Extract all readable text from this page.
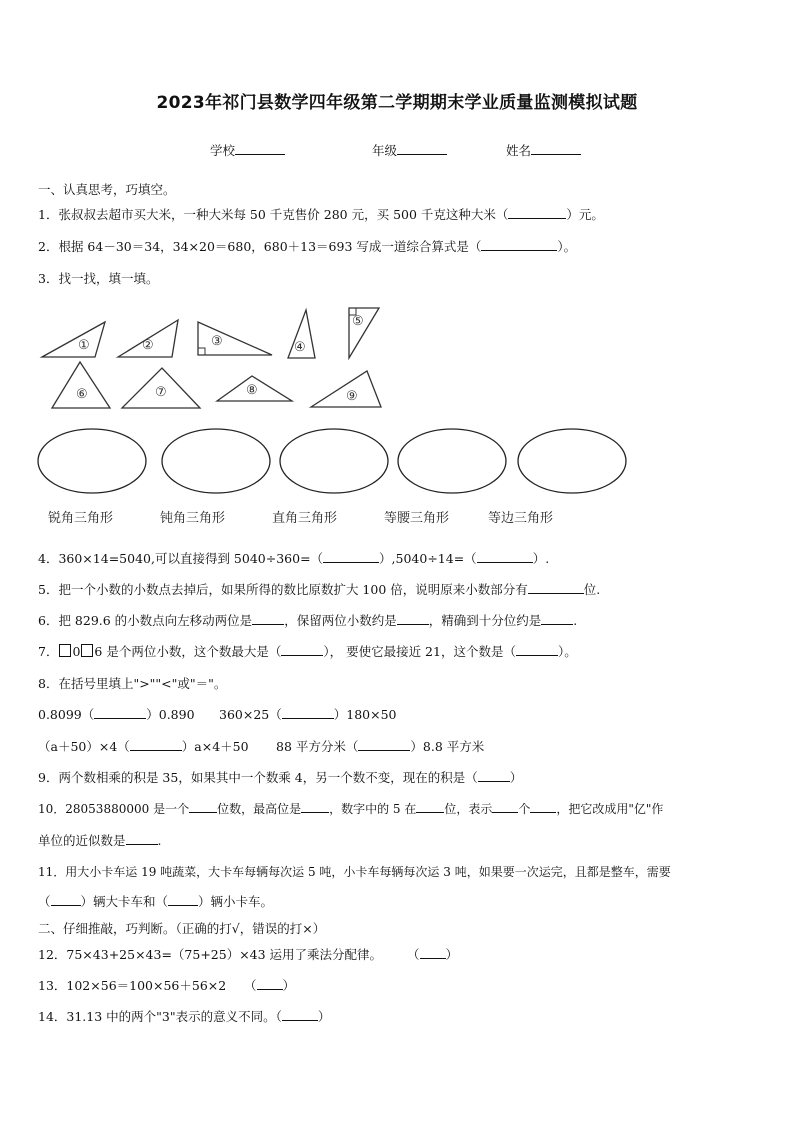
2023年祁门县数学四年级第二学期期末学业质量监测模拟试题
学校	年级	姓名
一、认真思考，巧填空。
1．张叔叔去超市买大米，一种大米每 50 千克售价 280 元，买 500 千克这种大米（	）元。
2．根据 64－30＝34，34×20＝680，680＋13＝693 写成一道综合算式是（	）。
3．找一找，填一填。
①	②	③	④
⑤
⑥	⑦	⑧	⑨
锐角三角形	钝角三角形	直角三角形	等腰三角形	等边三角形
4．360×14=5040,可以直接得到 5040÷360=（	）,5040÷14=（	）.
5．把一个小数的小数点去掉后，如果所得的数比原数扩大 100 倍，说明原来小数部分有	位.
6．把 829.6 的小数点向左移动两位是	，保留两位小数约是	，精确到十分位约是	.
7． 0 6 是个两位小数，这个数最大是（	）， 要使它最接近 21，这个数是（	）。
8．在括号里填上">""<"或"＝"。
0.8099（	）0.890 360×25（	）180×50
（a＋50）×4（	）a×4＋50 88 平方分米（	）8.8 平方米
9．两个数相乘的积是 35，如果其中一个数乘 4，另一个数不变，现在的积是（	）
10．28053880000 是一个 位数，最高位是 ，数字中的 5 在 位，表示 个 ，把它改成用"亿"作
单位的近似数是	.
11．用大小卡车运 19 吨蔬菜，大卡车每辆每次运 5 吨，小卡车每辆每次运 3 吨，如果要一次运完，且都是整车，需要
（ ）辆大卡车和（ ）辆小卡车。
二、仔细推敲，巧判断。（正确的打√，错误的打×）
12．75×43+25×43=（75+25）×43 运用了乘法分配律。 （ ）
13．102×56＝100×56＋56×2 （ ）
14．31.13 中的两个"3"表示的意义不同。（	）
